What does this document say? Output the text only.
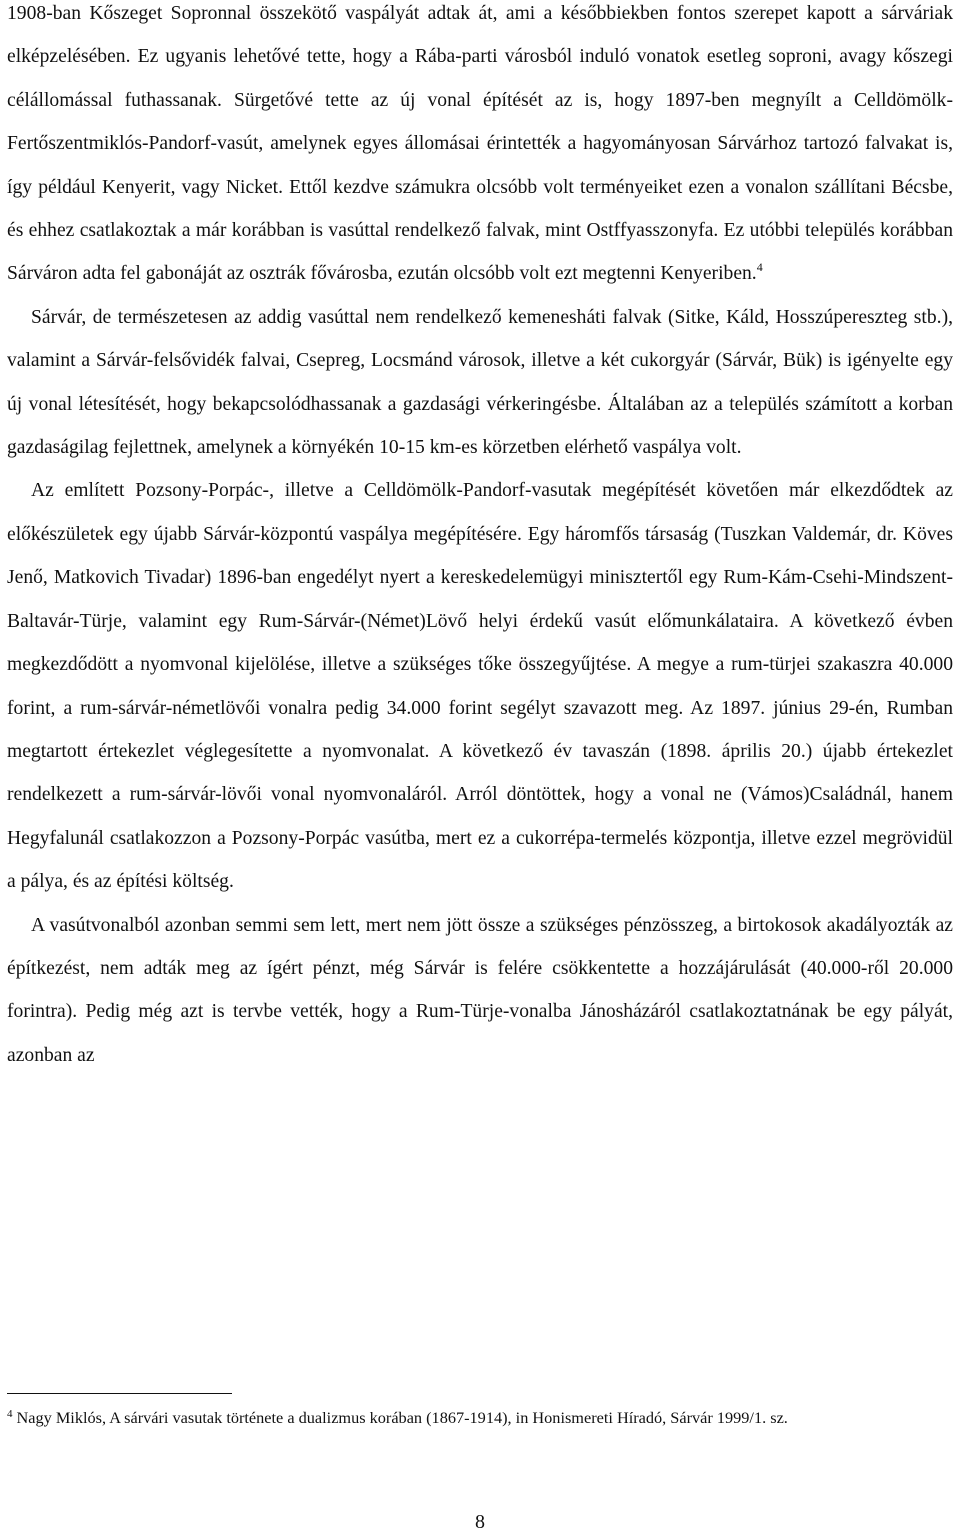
1908-ban Kőszeget Sopronnal összekötő vaspályát adtak át, ami a későbbiekben fontos szerepet kapott a sárváriak elképzelésében. Ez ugyanis lehetővé tette, hogy a Rába-parti városból induló vonatok esetleg soproni, avagy kőszegi célállomással futhassanak. Sürgetővé tette az új vonal építését az is, hogy 1897-ben megnyílt a Celldömölk-Fertőszentmiklós-Pandorf-vasút, amelynek egyes állomásai érintették a hagyományosan Sárvárhoz tartozó falvakat is, így például Kenyerit, vagy Nicket. Ettől kezdve számukra olcsóbb volt terményeiket ezen a vonalon szállítani Bécsbe, és ehhez csatlakoztak a már korábban is vasúttal rendelkező falvak, mint Ostffyasszonyfa. Ez utóbbi település korábban Sárváron adta fel gabonáját az osztrák fővárosba, ezután olcsóbb volt ezt megtenni Kenyeriben.$^4$

Sárvár, de természetesen az addig vasúttal nem rendelkező kemenesháti falvak (Sitke, Káld, Hosszúpereszteg stb.), valamint a Sárvár-felsővidék falvai, Csepreg, Locsmánd városok, illetve a két cukorgyár (Sárvár, Bük) is igényelte egy új vonal létesítését, hogy bekapcsolódhassanak a gazdasági vérkeringésbe. Általában az a település számított a korban gazdaságilag fejlettnek, amelynek a környékén 10-15 km-es körzetben elérhető vaspálya volt.

Az említett Pozsony-Porpác-, illetve a Celldömölk-Pandorf-vasutak megépítését követően már elkezdődtek az előkészületek egy újabb Sárvár-központú vaspálya megépítésére. Egy háromfős társaság (Tuszkan Valdemár, dr. Köves Jenő, Matkovich Tivadar) 1896-ban engedélyt nyert a kereskedelemügyi minisztertől egy Rum-Kám-Csehi-Mindszent-Baltavár-Türje, valamint egy Rum-Sárvár-(Német)Lövő helyi érdekű vasút előmunkálataira. A következő évben megkezdődött a nyomvonal kijelölése, illetve a szükséges tőke összegyűjtése. A megye a rum-türjei szakaszra 40.000 forint, a rum-sárvár-németlövői vonalra pedig 34.000 forint segélyt szavazott meg. Az 1897. június 29-én, Rumban megtartott értekezlet véglegesítette a nyomvonalat. A következő év tavaszán (1898. április 20.) újabb értekezlet rendelkezett a rum-sárvár-lövői vonal nyomvonaláról. Arról döntöttek, hogy a vonal ne (Vámos)Családnál, hanem Hegyfalunál csatlakozzon a Pozsony-Porpác vasútba, mert ez a cukorrépa-termelés központja, illetve ezzel megrövidül a pálya, és az építési költség.

A vasútvonalból azonban semmi sem lett, mert nem jött össze a szükséges pénzösszeg, a birtokosok akadályozták az építkezést, nem adták meg az ígért pénzt, még Sárvár is felére csökkentette a hozzájárulását (40.000-ről 20.000 forintra). Pedig még azt is tervbe vették, hogy a Rum-Türje-vonalba Jánosházáról csatlakoztatnának be egy pályát, azonban az

$^4$ Nagy Miklós, A sárvári vasutak története a dualizmus korában (1867-1914), in Honismereti Híradó, Sárvár 1999/1. sz.
8
